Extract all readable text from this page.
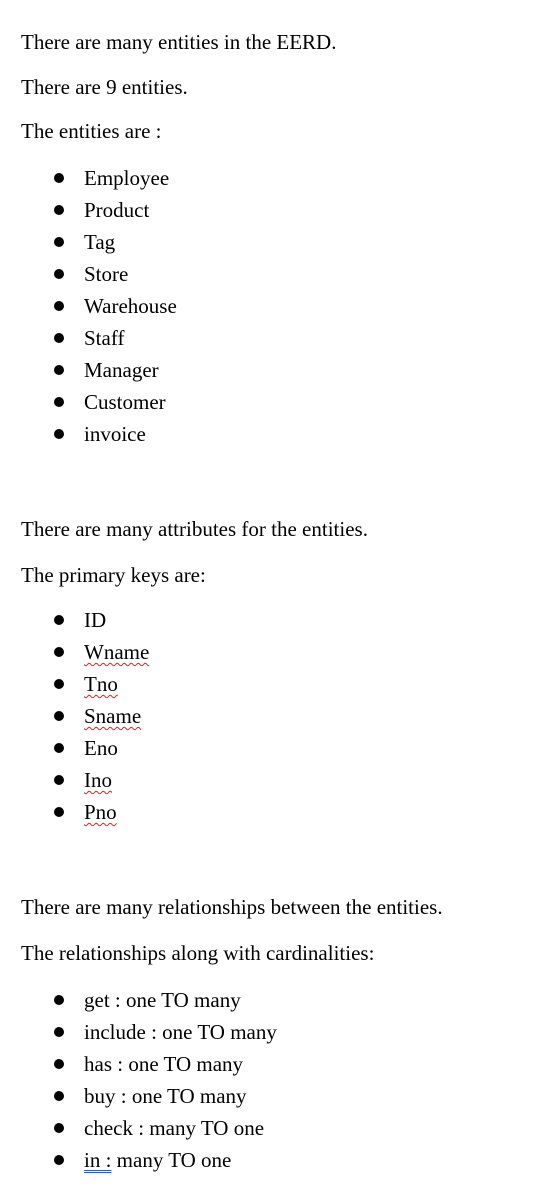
There are many entities in the EERD.

There are 9 entities.

The entities are :

Employee
Product
Tag
Store
Warehouse
Staff
Manager
Customer
invoice

There are many attributes for the entities.

The primary keys are:

ID
Wname
Tno
Sname
Eno
Ino
Pno

There are many relationships between the entities.

The relationships along with cardinalities:

get : one TO many
include : one TO many
has : one TO many
buy : one TO many
check : many TO one
in : many TO one
